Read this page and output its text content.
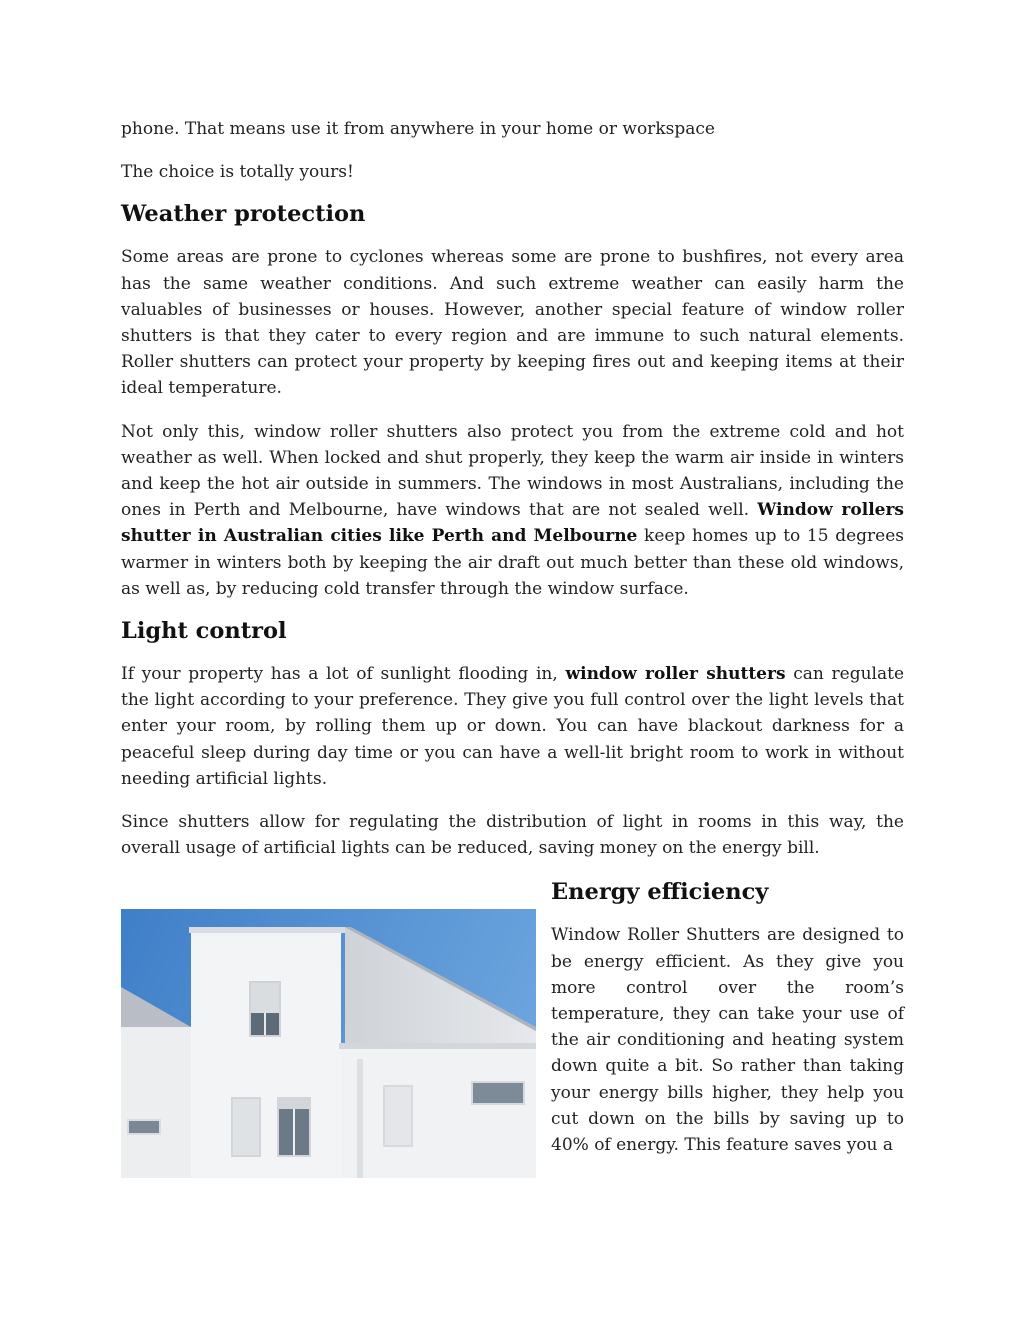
phone. That means use it from anywhere in your home or workspace

The choice is totally yours!

Weather protection

Some areas are prone to cyclones whereas some are prone to bushfires, not every area has the same weather conditions. And such extreme weather can easily harm the valuables of businesses or houses. However, another special feature of window roller shutters is that they cater to every region and are immune to such natural elements. Roller shutters can protect your property by keeping fires out and keeping items at their ideal temperature.

Not only this, window roller shutters also protect you from the extreme cold and hot weather as well. When locked and shut properly, they keep the warm air inside in winters and keep the hot air outside in summers. The windows in most Australians, including the ones in Perth and Melbourne, have windows that are not sealed well. Window rollers shutter in Australian cities like Perth and Melbourne keep homes up to 15 degrees warmer in winters both by keeping the air draft out much better than these old windows, as well as, by reducing cold transfer through the window surface.

Light control

If your property has a lot of sunlight flooding in, window roller shutters can regulate the light according to your preference. They give you full control over the light levels that enter your room, by rolling them up or down. You can have blackout darkness for a peaceful sleep during day time or you can have a well-lit bright room to work in without needing artificial lights.

Since shutters allow for regulating the distribution of light in rooms in this way, the overall usage of artificial lights can be reduced, saving money on the energy bill.

Energy efficiency

Window Roller Shutters are designed to be energy efficient. As they give you more control over the room’s temperature, they can take your use of the air conditioning and heating system down quite a bit. So rather than taking your energy bills higher, they help you cut down on the bills by saving up to 40% of energy. This feature saves you a
